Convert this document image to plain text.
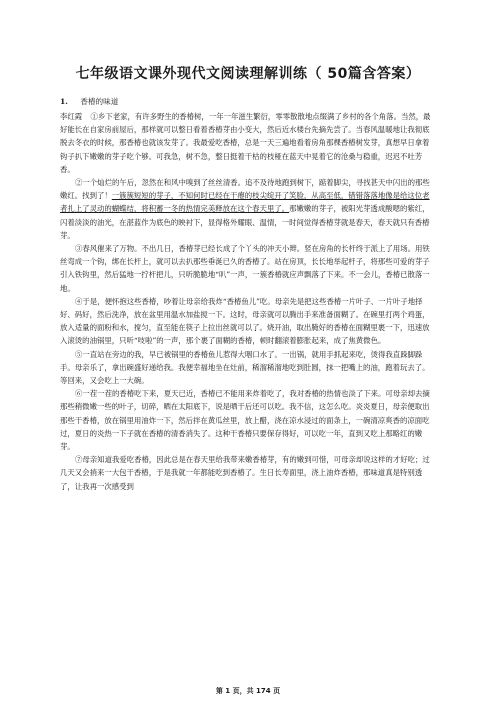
七年级语文课外现代文阅读理解训练（ 50篇含答案）
1. 香椿的味道
李红霞 ①乡下老家，有许多野生的香椿树，一年一年滋生繁衍，零零散散地点缀满了乡村的各个角落。当然，最好能长在自家房前屋后，那样就可以整日看着香椿芽由小变大，然后近水楼台先摘先尝了。当春风温暖地让我彻底脱去冬衣的时候，那香椿也就该发芽了。我最爱吃香椿，总是一天三遍地看着房角那棵香椿树发芽，真想早日拿着钩子扒下嫩嫩的芽子吃个够。可我急，树不急，整日挺着干枯的枝桠在蓝天中晃着它的沧桑与稳重，迟迟不吐芳香。

②一个灿烂的午后，忽然在和风中嗅到了丝丝清香。追不及待地跑到树下，踮着脚尖，寻找甚天中闪出的那些嫩红。找到了！一簇簇短短的芽子，不知何时已经在干瘪的枝尖绽开了笑脸，从高至低，错错落落地像是给这位老者扎上了灵动的蝴蝶结，将积蓄一冬的热情完美释放在这个春天里了。那嫩嫩的芽子，被阳光芽透成酸嗯的紫红，闪着淡淡的油光，在湛蓝作为底色的映衬下，显得格外耀眼、温情，一时间觉得香椿芽就是春天，春天就只有香椿芽。

③春风催来了万物。不出几日，香椿芽已经长成了个丫头的冲天小辫。竖在房角的长杆终于派上了用场。用铁丝弯成一个钩，绑在长杆上，就可以去扒那些垂涎已久的香椿了。站在房顶，长长地举起杆子，将那些可爱的芽子引入铁钩里，然后猛地一拧杆把儿，只听脆脆地“叭”一声，一簇香椿就应声飘落了下来。不一会儿，香椿已散落一地。

④于是，便怀抱这些香椿，吵着让母亲给我炸“香椿鱼儿”吃。母亲先是把这些香椿一片叶子、一片叶子地择好、码好，然后洗净，放在盆里用温水加盐搅一下。这时，母亲就可以腾出手来准备面糊了。在碗里打两个鸡蛋，放入适量的面粉和水，搅匀，直至能在筷子上拉出丝就可以了。烧开油，取出腌好的香椿在面糊里裹一下，迅速放入滚烫的油锅里，只听“吱啦”的一声，那个裹了面糊的香椿，顿时翻滚着膨胀起来，成了焦黄微色。

⑤一直站在旁边的我，早已被锅里的香椿鱼儿惹得大咽口水了。一出锅，就用手抓起来吃，烫得我直跺脚跺手。母亲乐了，拿出碗盛好递给我。我便幸福地坐在灶前，稀溜稀溜地吃到肚圆，抹一把嘴上的油，跑着玩去了。等回来，又会吃上一大碗。

⑥一茬一茬的香椿吃下来，夏天已近，香椿已不能用来炸着吃了，我对香椿的热情也淡了下来。可母亲却去摘那些稍微嫩一些的叶子，切碎，晒在太阳底下，说是晒干后还可以吃。我不信，这怎么吃。炎炎夏日，母亲便取出那些干香椿，放在锅里用油炸一下，然后拌在黄瓜丝里，放上醋，浇在凉水浸过的面条上，一碗清凉爽香的凉面吃过，夏日的炎热一下子就在香椿的清香消失了。这种干香椿只要保存得好，可以吃一年，直到又吃上那略红的嫩芽。

⑦母亲知道我爱吃香椿，因此总是在春天里给我带来嫩香椿芽，有的嫩到可惜，可母亲却说这样的才好吃；过几天又会捎来一大包干香椿，于是我就一年都能吃到香椿了。生日长寿面里，浇上油炸香椿，那味道真是特别透了，让我再一次感受到

第 1 页，共 174 页
